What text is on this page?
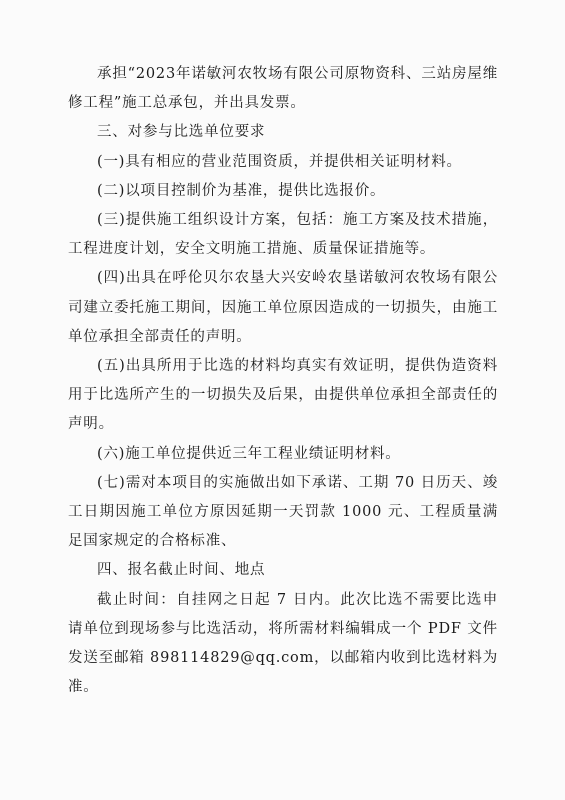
承担“2023年诺敏河农牧场有限公司原物资科、三站房屋维修工程”施工总承包，并出具发票。

三、对参与比选单位要求

(一)具有相应的营业范围资质，并提供相关证明材料。

(二)以项目控制价为基准，提供比选报价。

(三)提供施工组织设计方案，包括：施工方案及技术措施，工程进度计划，安全文明施工措施、质量保证措施等。

(四)出具在呼伦贝尔农垦大兴安岭农垦诺敏河农牧场有限公司建立委托施工期间，因施工单位原因造成的一切损失，由施工单位承担全部责任的声明。

(五)出具所用于比选的材料均真实有效证明，提供伪造资料用于比选所产生的一切损失及后果，由提供单位承担全部责任的声明。

(六)施工单位提供近三年工程业绩证明材料。

(七)需对本项目的实施做出如下承诺、工期 70 日历天、竣工日期因施工单位方原因延期一天罚款 1000 元、工程质量满足国家规定的合格标准、

四、报名截止时间、地点

截止时间：自挂网之日起 7 日内。此次比选不需要比选申请单位到现场参与比选活动，将所需材料编辑成一个 PDF 文件发送至邮箱 898114829@qq.com，以邮箱内收到比选材料为准。
